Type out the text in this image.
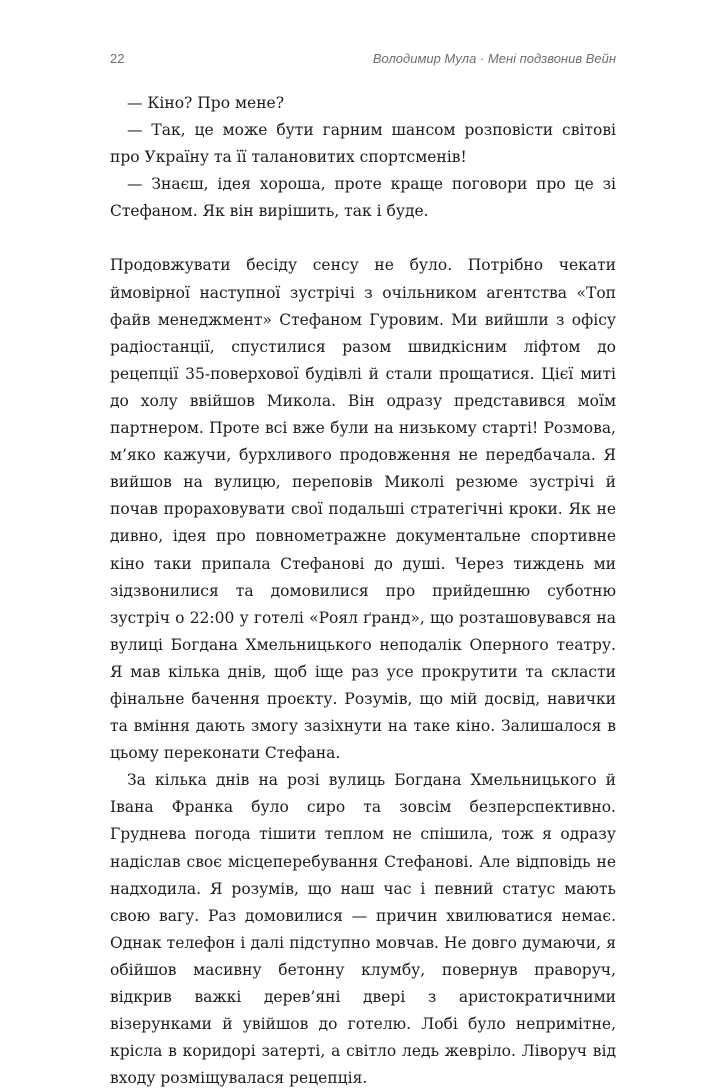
22	Володимир Мула · Мені подзвонив Вейн

— Кіно? Про мене?

— Так, це може бути гарним шансом розповісти світові про Україну та її талановитих спортсменів!

— Знаєш, ідея хороша, проте краще поговори про це зі Стефаном. Як він вирішить, так і буде.

Продовжувати бесіду сенсу не було. Потрібно чекати ймовірної наступної зустрічі з очільником агентства «Топ файв менеджмент» Стефаном Гуровим. Ми вийшли з офісу радіостанції, спустилися разом швидкісним ліфтом до рецепції 35-поверхової будівлі й стали прощатися. Цієї миті до холу ввійшов Микола. Він одразу представився моїм партнером. Проте всі вже були на низькому старті! Розмова, м’яко кажучи, бурхливого продовження не передбачала. Я вийшов на вулицю, переповів Миколі резюме зустрічі й почав прораховувати свої подальші стратегічні кроки. Як не дивно, ідея про повнометражне документальне спортивне кіно таки припала Стефанові до душі. Через тиждень ми зідзвонилися та домовилися про прийдешню суботню зустріч о 22:00 у готелі «Роял ґранд», що розташовувався на вулиці Богдана Хмельницького неподалік Оперного театру. Я мав кілька днів, щоб іще раз усе прокрутити та скласти фінальне бачення проєкту. Розумів, що мій досвід, навички та вміння дають змогу зазіхнути на таке кіно. Залишалося в цьому переконати Стефана.

За кілька днів на розі вулиць Богдана Хмельницького й Івана Франка було сиро та зовсім безперспективно. Груднева погода тішити теплом не спішила, тож я одразу надіслав своє місцеперебування Стефанові. Але відповідь не надходила. Я розумів, що наш час і певний статус мають свою вагу. Раз домовилися — причин хвилюватися немає. Однак телефон і далі підступно мовчав. Не довго думаючи, я обійшов масивну бетонну клумбу, повернув праворуч, відкрив важкі дерев’яні двері з аристократичними візерунками й увійшов до готелю. Лобі було непримітне, крісла в коридорі затерті, а світло ледь жевріло. Ліворуч від входу розміщувалася рецепція.
